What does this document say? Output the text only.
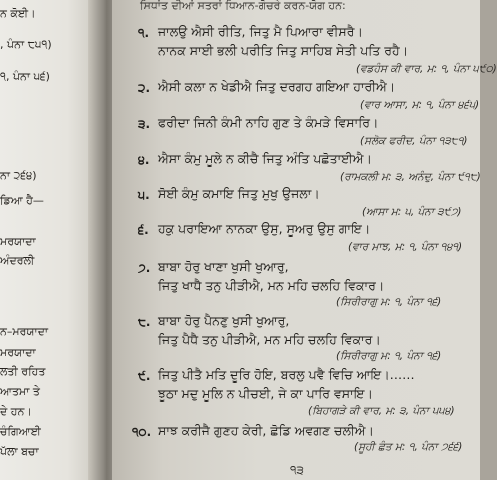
ਨ ਕੋਈ।
, ਪੰਨਾ ੮੫੧)
੧, ਪੰਨਾ ੫੬)
ਨਾ ੨੬੪)
ਡਿਆ ਹੈ—
ਮਰਯਾਦਾ
ਅੰਦਰਲੀ
ਨ–ਮਰਯਾਦਾ
ਮਰਯਾਦਾ
ਲਤੀ ਰਹਿਤ
ਆਤਮਾ ਤੇ
ਦੇ ਹਨ।
ਚੰਗਿਆਈ
ਪੱਲਾ ਬਚਾ
ਸਿਧਾਂਤ ਦੀਆਂ ਸਤਰਾਂ ਧਿਆਨ-ਗੋਚਰੇ ਕਰਨ-ਯੋਗ ਹਨ:
੧. ਜਾਲਉ ਐਸੀ ਰੀਤਿ, ਜਿਤੁ ਮੈ ਪਿਆਰਾ ਵੀਸਰੈ।
ਨਾਨਕ ਸਾਈ ਭਲੀ ਪਰੀਤਿ ਜਿਤੁ ਸਾਹਿਬ ਸੇਤੀ ਪਤਿ ਰਹੈ।
(ਵਡਹੰਸ ਕੀ ਵਾਰ, ਮ: ੧, ਪੰਨਾ ੫੯੦)
੨. ਐਸੀ ਕਲਾ ਨ ਖੇਡੀਐ ਜਿਤੁ ਦਰਗਹ ਗਇਆ ਹਾਰੀਐ।
(ਵਾਰ ਆਸਾ, ਮ: ੧, ਪੰਨਾ ੪੬੫)
੩. ਫਰੀਦਾ ਜਿਨੀ ਕੰਮੀ ਨਾਹਿ ਗੁਣ ਤੇ ਕੰਮੜੇ ਵਿਸਾਰਿ।
(ਸਲੋਕ ਫਰੀਦ, ਪੰਨਾ ੧੩੮੧)
੪. ਐਸਾ ਕੰਮੁ ਮੂਲੇ ਨ ਕੀਚੈ ਜਿਤੁ ਅੰਤਿ ਪਛੋਤਾਈਐ।
(ਰਾਮਕਲੀ ਮ: ੩, ਅਨੰਦੁ, ਪੰਨਾ ੯੧੮)
੫. ਸੋਈ ਕੰਮੁ ਕਮਾਇ ਜਿਤੁ ਮੁਖੁ ਉਜਲਾ।
(ਆਸਾ ਮ: ੫, ਪੰਨਾ ੩੯੭)
੬. ਹਕੁ ਪਰਾਇਆ ਨਾਨਕਾ ਉਸੁ, ਸੂਅਰੁ ਉਸੁ ਗਾਇ।
(ਵਾਰ ਮਾਝ, ਮ: ੧, ਪੰਨਾ ੧੪੧)
੭. ਬਾਬਾ ਹੋਰੁ ਖਾਣਾ ਖੁਸੀ ਖੁਆਰੁ,
ਜਿਤੁ ਖਾਧੈ ਤਨੁ ਪੀੜੀਐ, ਮਨ ਮਹਿ ਚਲਹਿ ਵਿਕਾਰ।
(ਸਿਰੀਰਾਗੁ ਮ: ੧, ਪੰਨਾ ੧੬)
੮. ਬਾਬਾ ਹੋਰੁ ਪੈਨਣੁ ਖੁਸੀ ਖੁਆਰੁ,
ਜਿਤੁ ਪੈਧੈ ਤਨੁ ਪੀੜੀਐ, ਮਨ ਮਹਿ ਚਲਹਿ ਵਿਕਾਰ।
(ਸਿਰੀਰਾਗੁ ਮ: ੧, ਪੰਨਾ ੧੬)
੯. ਜਿਤੁ ਪੀਤੈ ਮਤਿ ਦੂਰਿ ਹੋਇ, ਬਰਲੁ ਪਵੈ ਵਿਚਿ ਆਇ।……
ਝੂਠਾ ਮਦੁ ਮੂਲਿ ਨ ਪੀਚਈ, ਜੇ ਕਾ ਪਾਰਿ ਵਸਾਇ।
(ਬਿਹਾਗੜੇ ਕੀ ਵਾਰ, ਮ: ੩, ਪੰਨਾ ੫੫੪)
੧੦. ਸਾਝ ਕਰੀਜੈ ਗੁਣਹ ਕੇਰੀ, ਛੋਡਿ ਅਵਗਣ ਚਲੀਐ।
(ਸੂਹੀ ਛੰਤ ਮ: ੧, ਪੰਨਾ ੭੬੬)
੧੩
